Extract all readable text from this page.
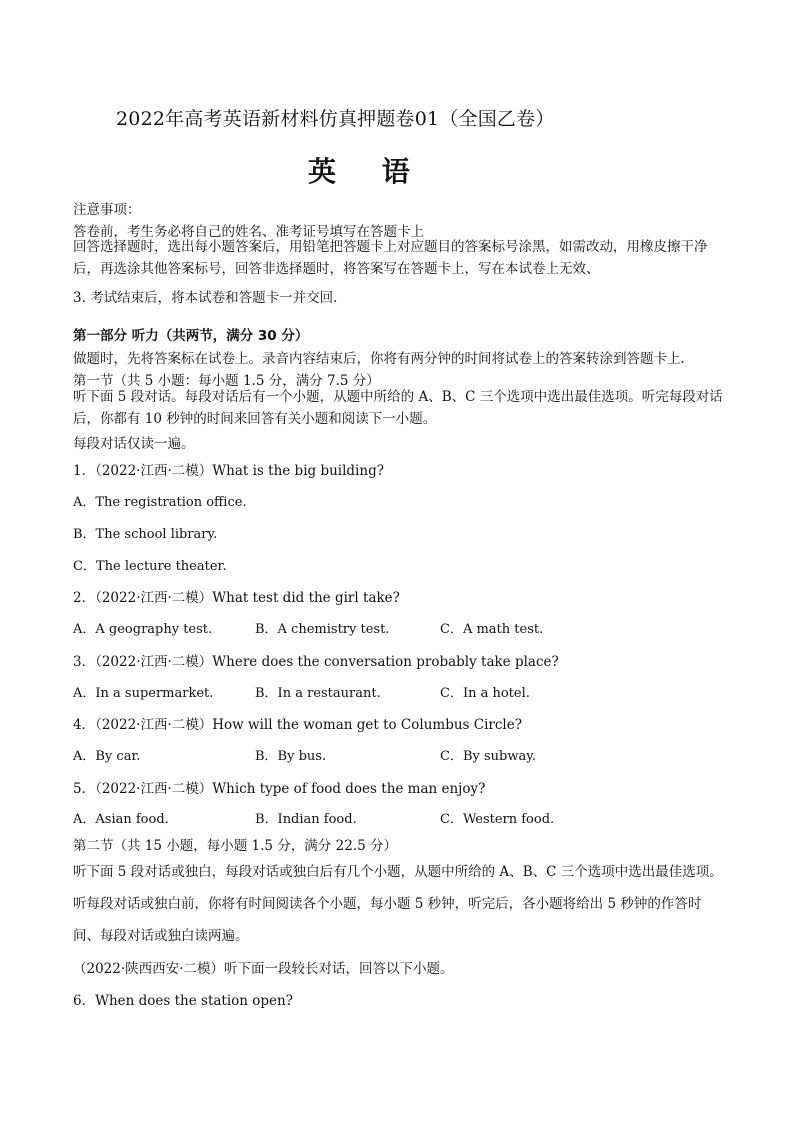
2022年高考英语新材料仿真押题卷01（全国乙卷）
英 语
注意事项：
答卷前，考生务必将自己的姓名、准考证号填写在答题卡上
回答选择题时，选出每小题答案后，用铅笔把答题卡上对应题目的答案标号涂黑，如需改动，用橡皮擦干净后，再选涂其他答案标号，回答非选择题时，将答案写在答题卡上，写在本试卷上无效、
3. 考试结束后，将本试卷和答题卡一并交回.
第一部分 听力（共两节，满分 30 分）
做题时，先将答案标在试卷上。录音内容结束后，你将有两分钟的时间将试卷上的答案转涂到答题卡上.
第一节（共 5 小题：每小题 1.5 分，满分 7.5 分）
听下面 5 段对话。每段对话后有一个小题，从题中所给的 A、B、C 三个选项中选出最佳选项。听完每段对话后，你都有 10 秒钟的时间来回答有关小题和阅读下一小题。
每段对话仅读一遍。
1．（2022·江西·二模）What is the big building?
A．The registration office.
B．The school library.
C．The lecture theater.
2．（2022·江西·二模）What test did the girl take?
A．A geography test.	B．A chemistry test.	C．A math test.
3．（2022·江西·二模）Where does the conversation probably take place?
A．In a supermarket.	B．In a restaurant.	C．In a hotel.
4．（2022·江西·二模）How will the woman get to Columbus Circle?
A．By car.	B．By bus.	C．By subway.
5．（2022·江西·二模）Which type of food does the man enjoy?
A．Asian food.	B．Indian food.	C．Western food.
第二节（共 15 小题，每小题 1.5 分，满分 22.5 分）
听下面 5 段对话或独白，每段对话或独白后有几个小题，从题中所给的 A、B、C 三个选项中选出最佳选项。
听每段对话或独白前，你将有时间阅读各个小题，每小题 5 秒钟，听完后，各小题将给出 5 秒钟的作答时
间、每段对话或独白读两遍。
（2022·陕西西安·二模）听下面一段较长对话，回答以下小题。
6．When does the station open?
